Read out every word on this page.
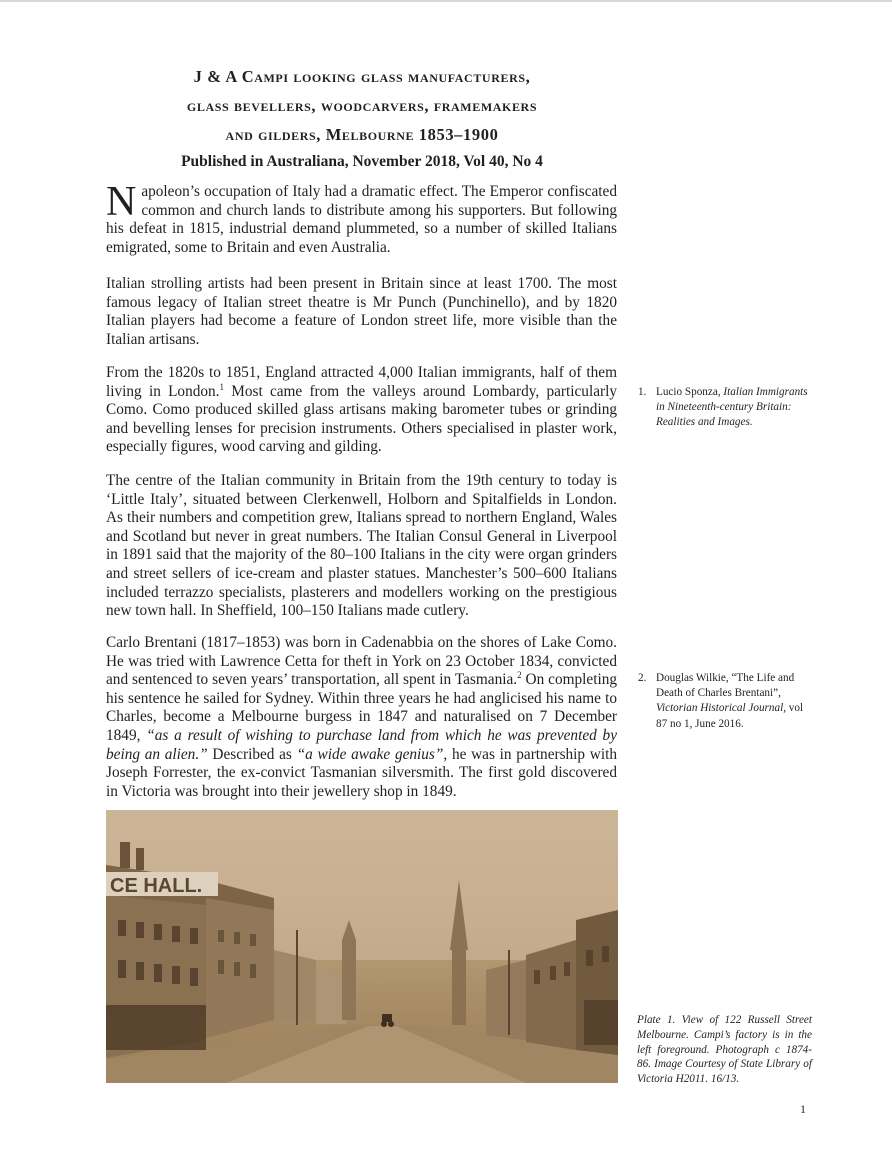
J & A Campi looking glass manufacturers,
glass bevellers, woodcarvers, framemakers
and gilders, Melbourne 1853–1900
Published in Australiana, November 2018, Vol 40, No 4

Napoleon’s occupation of Italy had a dramatic effect. The Emperor confiscated common and church lands to distribute among his supporters. But following his defeat in 1815, industrial demand plummeted, so a number of skilled Italians emigrated, some to Britain and even Australia.

Italian strolling artists had been present in Britain since at least 1700. The most famous legacy of Italian street theatre is Mr Punch (Punchinello), and by 1820 Italian players had become a feature of London street life, more visible than the Italian artisans.

From the 1820s to 1851, England attracted 4,000 Italian immigrants, half of them living in London.$^1$ Most came from the valleys around Lombardy, particularly Como. Como produced skilled glass artisans making barometer tubes or grinding and bevelling lenses for precision instruments. Others specialised in plaster work, especially figures, wood carving and gilding.

The centre of the Italian community in Britain from the 19th century to today is ‘Little Italy’, situated between Clerkenwell, Holborn and Spitalfields in London. As their numbers and competition grew, Italians spread to northern England, Wales and Scotland but never in great numbers. The Italian Consul General in Liverpool in 1891 said that the majority of the 80–100 Italians in the city were organ grinders and street sellers of ice-cream and plaster statues. Manchester’s 500–600 Italians included terrazzo specialists, plasterers and modellers working on the prestigious new town hall. In Sheffield, 100–150 Italians made cutlery.

Carlo Brentani (1817–1853) was born in Cadenabbia on the shores of Lake Como. He was tried with Lawrence Cetta for theft in York on 23 October 1834, convicted and sentenced to seven years’ transportation, all spent in Tasmania.$^2$ On completing his sentence he sailed for Sydney. Within three years he had anglicised his name to Charles, become a Melbourne burgess in 1847 and naturalised on 7 December 1849, “as a result of wishing to purchase land from which he was prevented by being an alien.” Described as “a wide awake genius”, he was in partnership with Joseph Forrester, the ex-convict Tasmanian silversmith. The first gold discovered in Victoria was brought into their jewellery shop in 1849.

1. Lucio Sponza, Italian Immigrants in Nineteenth-century Britain: Realities and Images.
2. Douglas Wilkie, “The Life and Death of Charles Brentani”, Victorian Historical Journal, vol 87 no 1, June 2016.
CE HALL.
Plate 1. View of 122 Russell Street Melbourne. Campi’s factory is in the left foreground. Photograph c 1874-86. Image Courtesy of State Library of Victoria H2011. 16/13.
1
